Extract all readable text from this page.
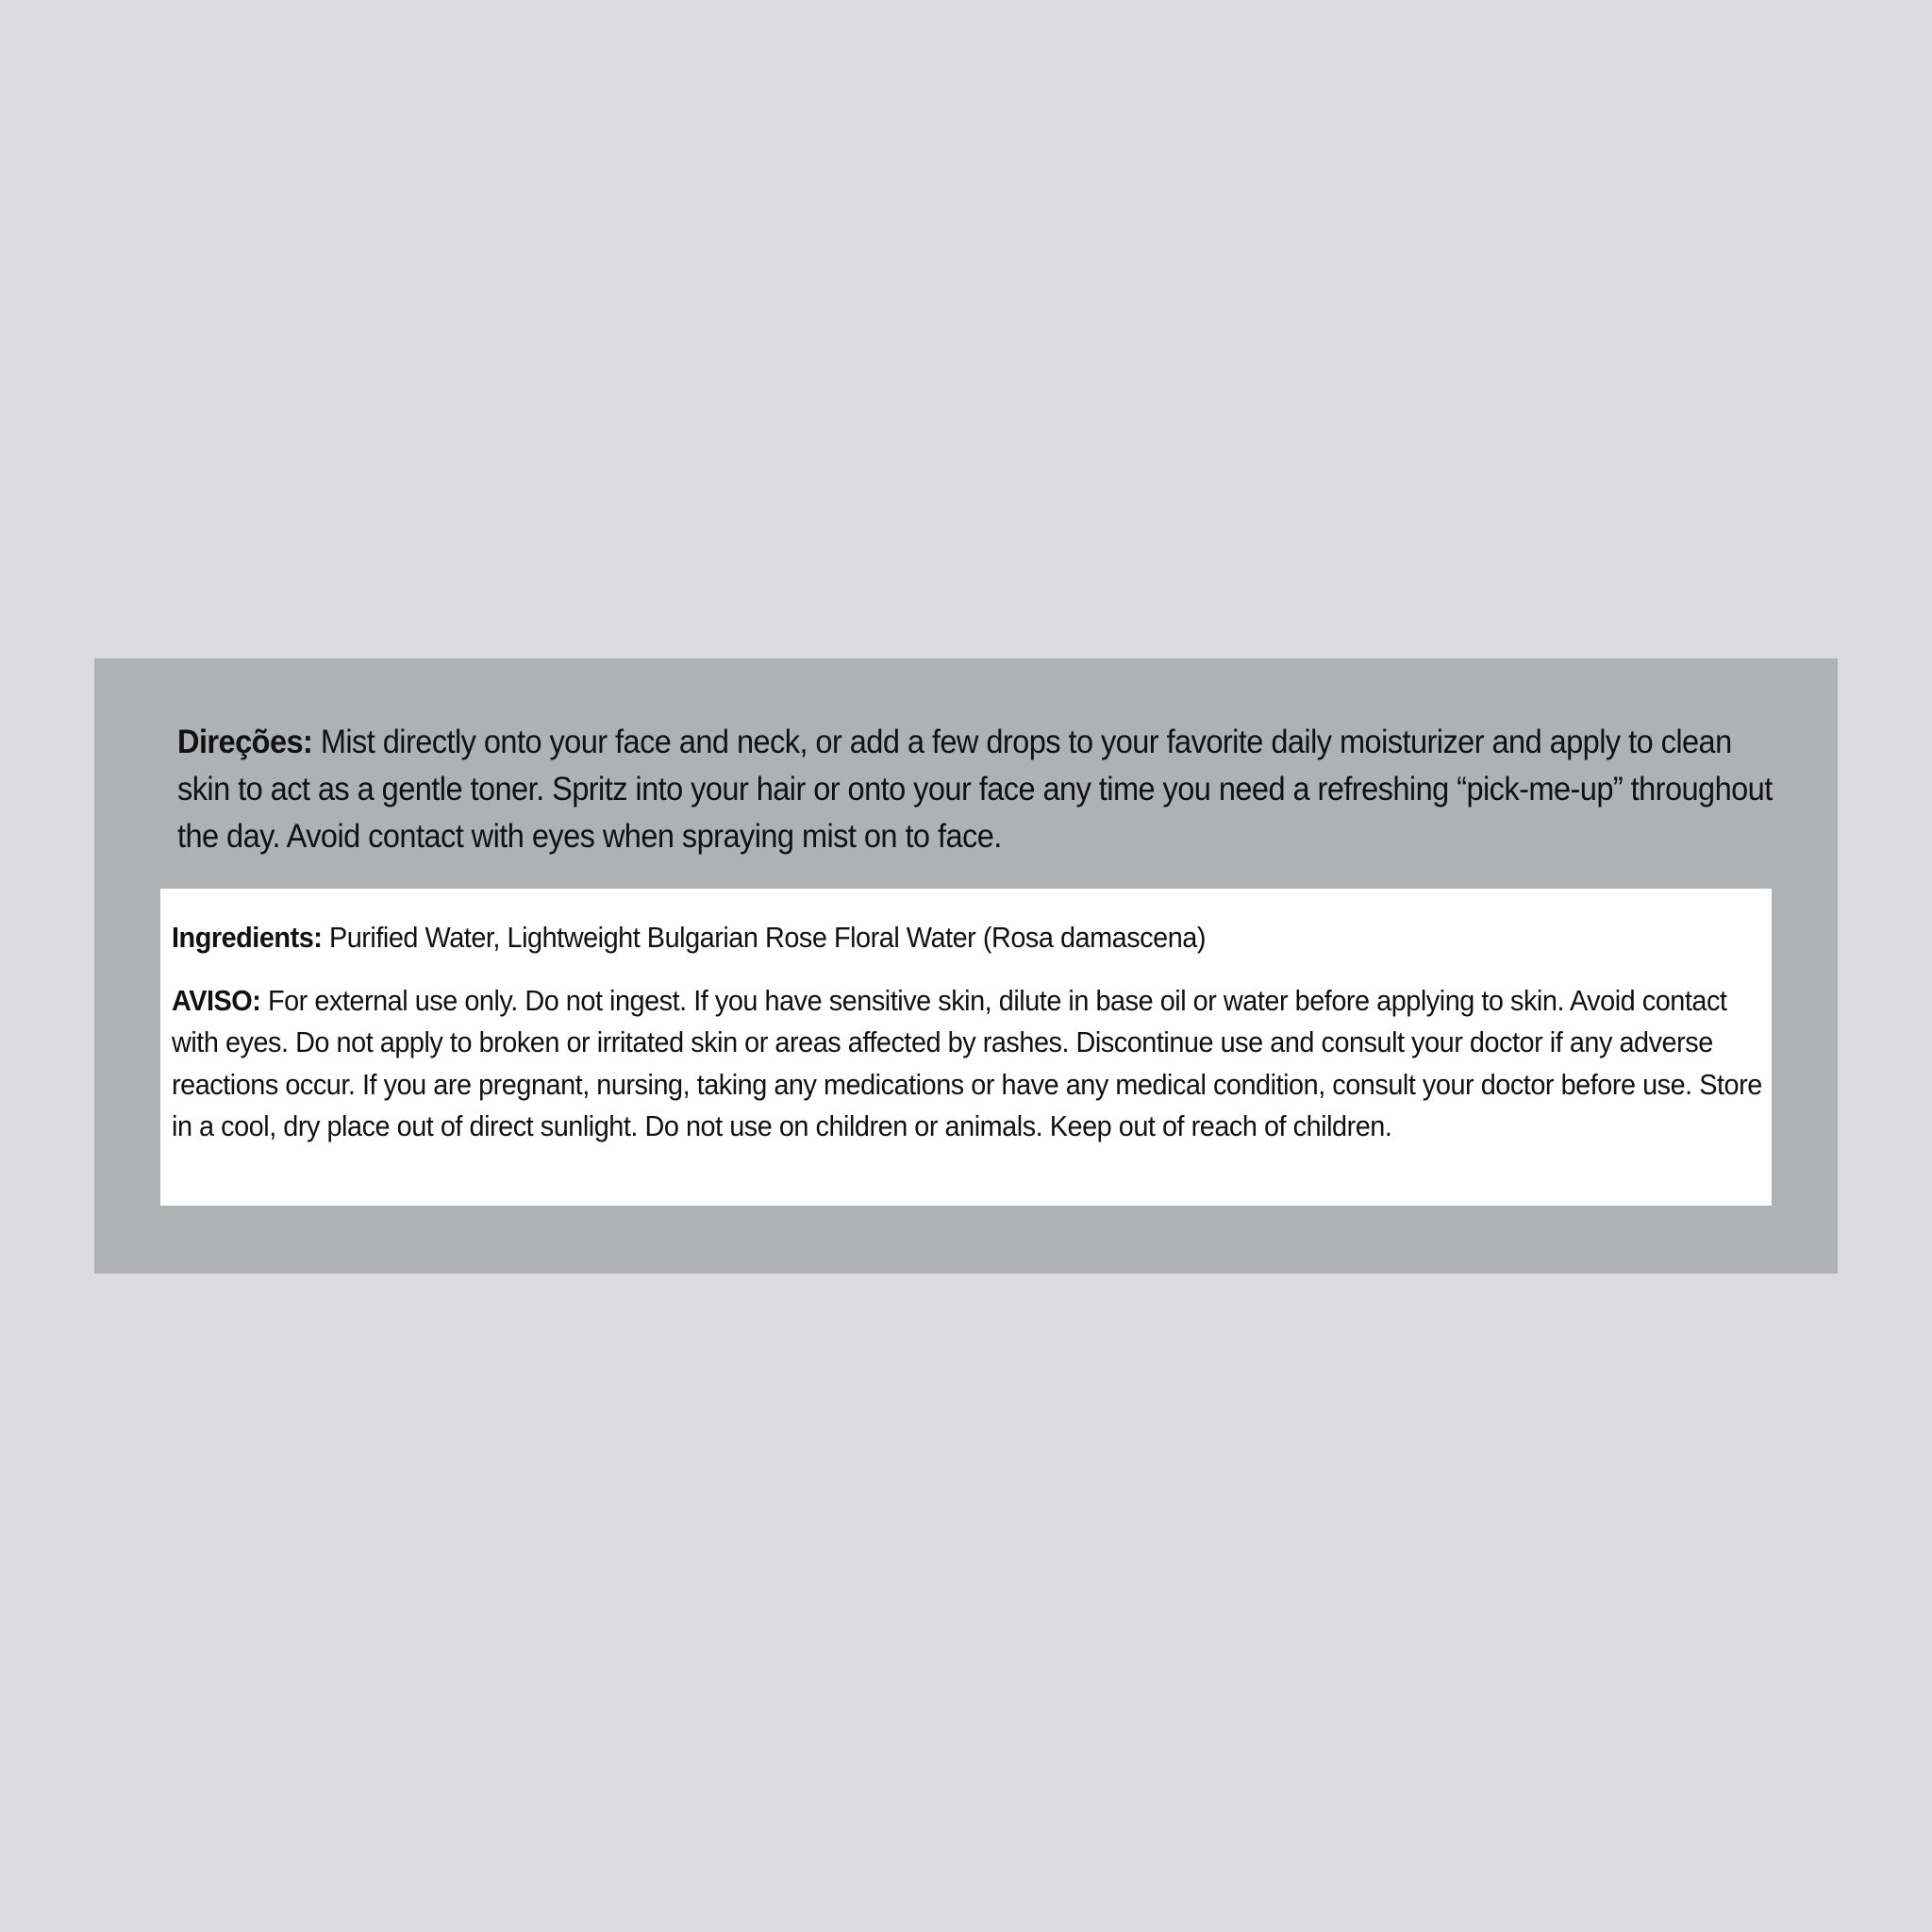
Direções: Mist directly onto your face and neck, or add a few drops to your favorite daily moisturizer and apply to clean skin to act as a gentle toner. Spritz into your hair or onto your face any time you need a refreshing “pick-me-up” throughout the day. Avoid contact with eyes when spraying mist on to face.

Ingredients: Purified Water, Lightweight Bulgarian Rose Floral Water (Rosa damascena)

AVISO: For external use only. Do not ingest. If you have sensitive skin, dilute in base oil or water before applying to skin. Avoid contact with eyes. Do not apply to broken or irritated skin or areas affected by rashes. Discontinue use and consult your doctor if any adverse reactions occur. If you are pregnant, nursing, taking any medications or have any medical condition, consult your doctor before use. Store in a cool, dry place out of direct sunlight. Do not use on children or animals. Keep out of reach of children.
